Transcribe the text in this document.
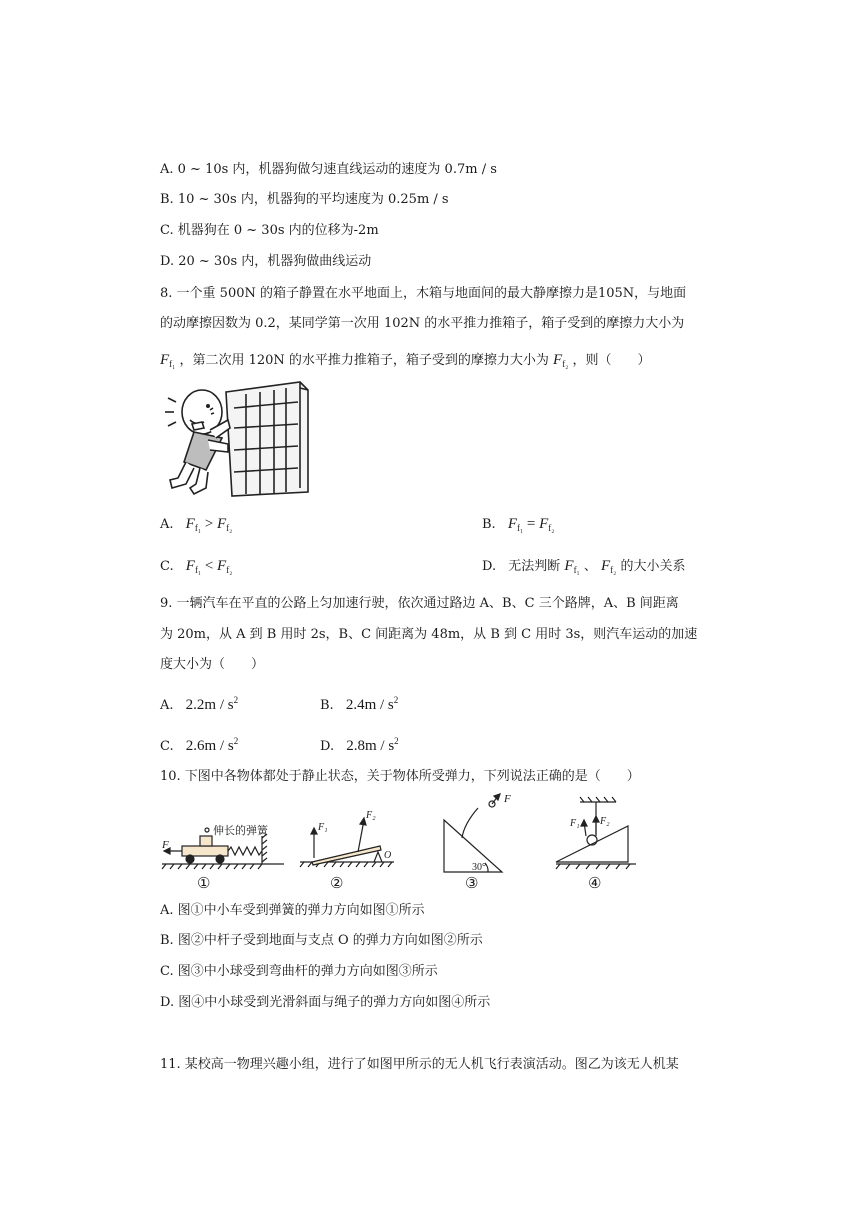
A. 0 ~ 10s 内，机器狗做匀速直线运动的速度为 0.7m / s
B. 10 ~ 30s 内，机器狗的平均速度为 0.25m / s
C. 机器狗在 0 ~ 30s 内的位移为-2m
D. 20 ~ 30s 内，机器狗做曲线运动
8. 一个重 500N 的箱子静置在水平地面上，木箱与地面间的最大静摩擦力是105N，与地面
的动摩擦因数为 0.2，某同学第一次用 102N 的水平推力推箱子，箱子受到的摩擦力大小为
$F_{f_1}$ ，第二次用 120N 的水平推力推箱子，箱子受到的摩擦力大小为 $F_{f_2}$ ，则（　　）
A. $F_{f_1} > F_{f_2}$	B. $F_{f_1} = F_{f_2}$
C. $F_{f_1} < F_{f_2}$	D. 无法判断 $F_{f_1}$ 、 $F_{f_2}$ 的大小关系
9. 一辆汽车在平直的公路上匀加速行驶，依次通过路边 A、B、C 三个路牌，A、B 间距离
为 20m，从 A 到 B 用时 2s，B、C 间距离为 48m，从 B 到 C 用时 3s，则汽车运动的加速
度大小为（　　）
A. $2.2m / s^2$	B. $2.4m / s^2$
C. $2.6m / s^2$	D. $2.8m / s^2$
10. 下图中各物体都处于静止状态，关于物体所受弹力，下列说法正确的是（　　）
伸长的弹簧
F
F₁
F₂
O
F
30°
F₁ F₂
①	②	③	④
A. 图①中小车受到弹簧的弹力方向如图①所示
B. 图②中杆子受到地面与支点 O 的弹力方向如图②所示
C. 图③中小球受到弯曲杆的弹力方向如图③所示
D. 图④中小球受到光滑斜面与绳子的弹力方向如图④所示
11. 某校高一物理兴趣小组，进行了如图甲所示的无人机飞行表演活动。图乙为该无人机某
